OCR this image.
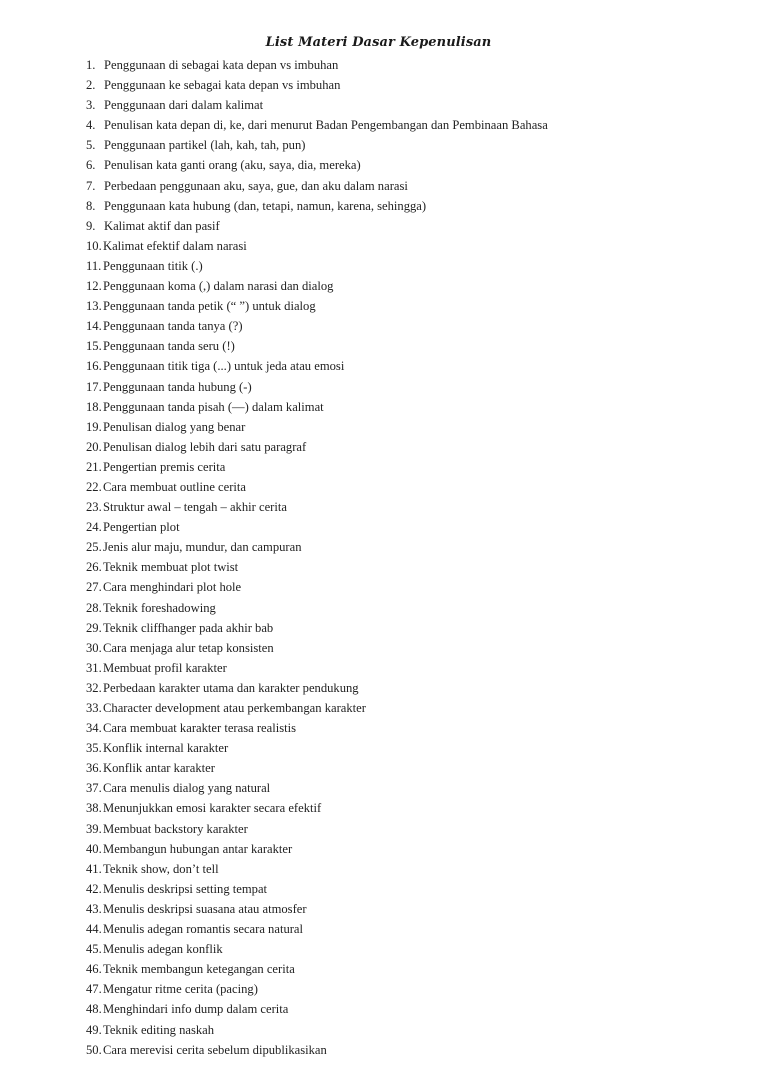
List Materi Dasar Kepenulisan
1. Penggunaan di sebagai kata depan vs imbuhan
2. Penggunaan ke sebagai kata depan vs imbuhan
3. Penggunaan dari dalam kalimat
4. Penulisan kata depan di, ke, dari menurut Badan Pengembangan dan Pembinaan Bahasa
5. Penggunaan partikel (lah, kah, tah, pun)
6. Penulisan kata ganti orang (aku, saya, dia, mereka)
7. Perbedaan penggunaan aku, saya, gue, dan aku dalam narasi
8. Penggunaan kata hubung (dan, tetapi, namun, karena, sehingga)
9. Kalimat aktif dan pasif
10. Kalimat efektif dalam narasi
11. Penggunaan titik (.)
12. Penggunaan koma (,) dalam narasi dan dialog
13. Penggunaan tanda petik (“ ”) untuk dialog
14. Penggunaan tanda tanya (?)
15. Penggunaan tanda seru (!)
16. Penggunaan titik tiga (...) untuk jeda atau emosi
17. Penggunaan tanda hubung (-)
18. Penggunaan tanda pisah (—) dalam kalimat
19. Penulisan dialog yang benar
20. Penulisan dialog lebih dari satu paragraf
21. Pengertian premis cerita
22. Cara membuat outline cerita
23. Struktur awal – tengah – akhir cerita
24. Pengertian plot
25. Jenis alur maju, mundur, dan campuran
26. Teknik membuat plot twist
27. Cara menghindari plot hole
28. Teknik foreshadowing
29. Teknik cliffhanger pada akhir bab
30. Cara menjaga alur tetap konsisten
31. Membuat profil karakter
32. Perbedaan karakter utama dan karakter pendukung
33. Character development atau perkembangan karakter
34. Cara membuat karakter terasa realistis
35. Konflik internal karakter
36. Konflik antar karakter
37. Cara menulis dialog yang natural
38. Menunjukkan emosi karakter secara efektif
39. Membuat backstory karakter
40. Membangun hubungan antar karakter
41. Teknik show, don’t tell
42. Menulis deskripsi setting tempat
43. Menulis deskripsi suasana atau atmosfer
44. Menulis adegan romantis secara natural
45. Menulis adegan konflik
46. Teknik membangun ketegangan cerita
47. Mengatur ritme cerita (pacing)
48. Menghindari info dump dalam cerita
49. Teknik editing naskah
50. Cara merevisi cerita sebelum dipublikasikan
